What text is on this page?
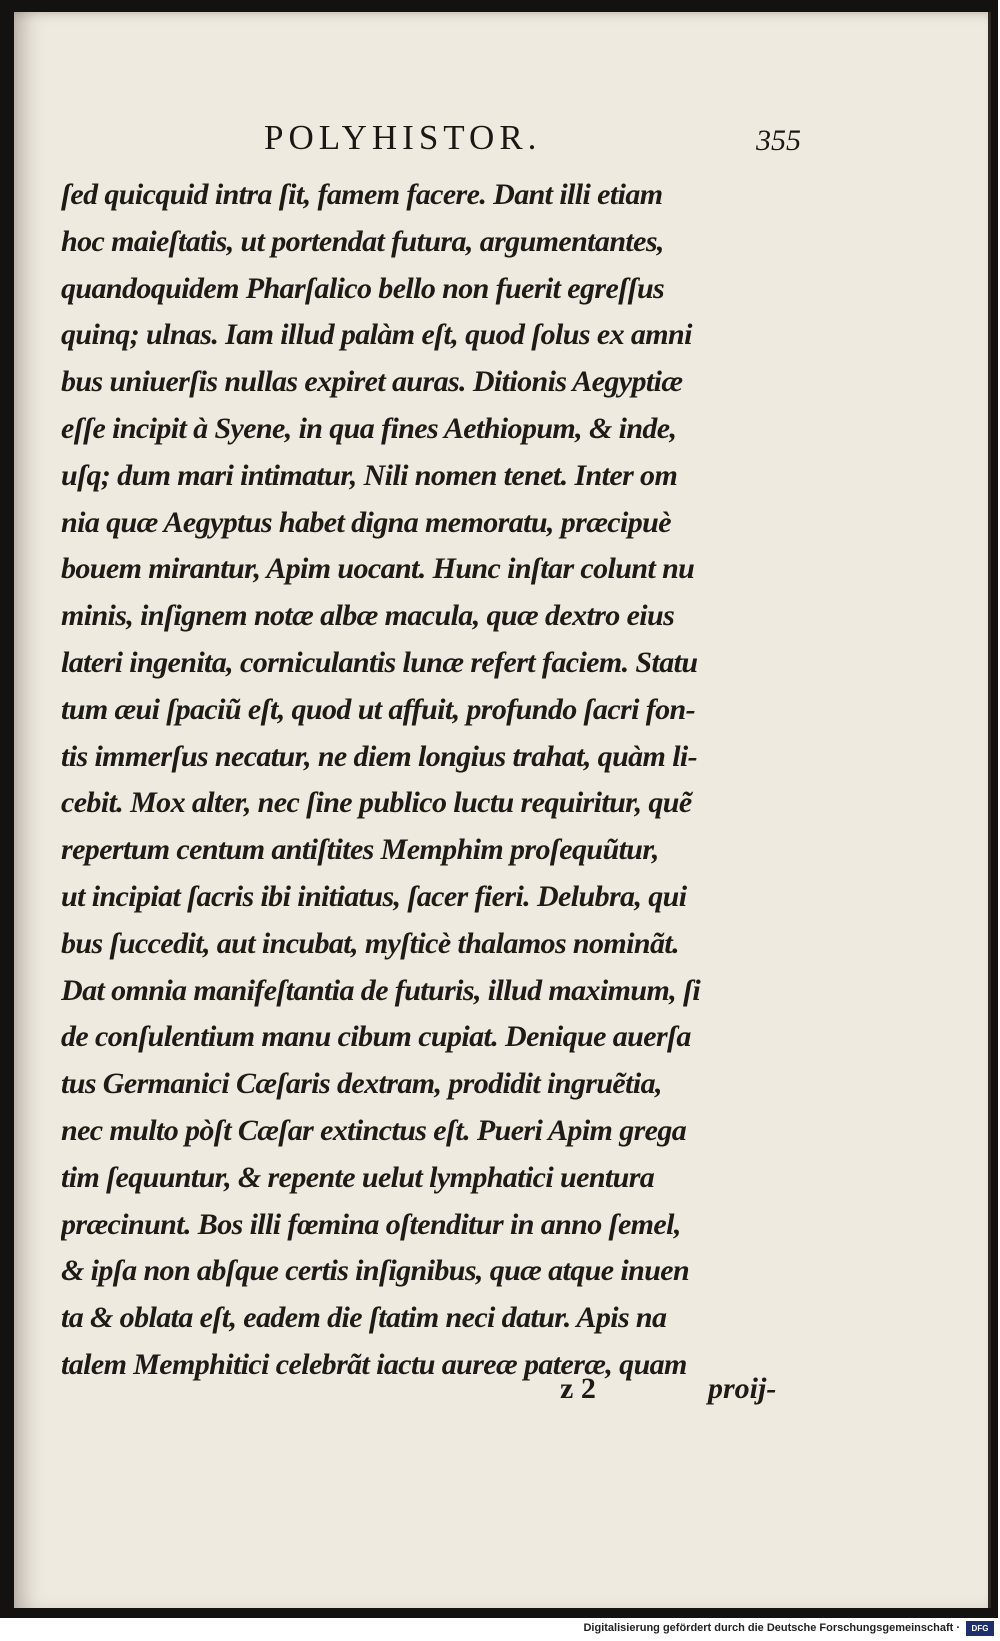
POLYHISTOR.	355
ſed quicquid intra ſit, famem facere. Dant illi etiam
hoc maieſtatis, ut portendat futura, argumentantes,
quandoquidem Pharſalico bello non fuerit egreſſus
quinq; ulnas. Iam illud palàm eſt, quod ſolus ex amni
bus uniuerſis nullas expiret auras. Ditionis Aegyptiæ
eſſe incipit à Syene, in qua fines Aethiopum, & inde,
uſq; dum mari intimatur, Nili nomen tenet. Inter om
nia quæ Aegyptus habet digna memoratu, præcipuè
bouem mirantur, Apim uocant. Hunc inſtar colunt nu
minis, inſignem notæ albæ macula, quæ dextro eius
lateri ingenita, corniculantis lunæ refert faciem. Statu
tum æui ſpaciũ eſt, quod ut affuit, profundo ſacri fon-
tis immerſus necatur, ne diem longius trahat, quàm li-
cebit. Mox alter, nec ſine publico luctu requiritur, quẽ
repertum centum antiſtites Memphim proſequũtur,
ut incipiat ſacris ibi initiatus, ſacer fieri. Delubra, qui
bus ſuccedit, aut incubat, myſticè thalamos nominãt.
Dat omnia manifeſtantia de futuris, illud maximum, ſi
de conſulentium manu cibum cupiat. Denique auerſa
tus Germanici Cæſaris dextram, prodidit ingruẽtia,
nec multo pòſt Cæſar extinctus eſt. Pueri Apim grega
tim ſequuntur, & repente uelut lymphatici uentura
præcinunt. Bos illi fœmina oſtenditur in anno ſemel,
& ipſa non abſque certis inſignibus, quæ atque inuen
ta & oblata eſt, eadem die ſtatim neci datur. Apis na
talem Memphitici celebrãt iactu aureæ pateræ, quam
z 2	proij-
Digitalisierung gefördert durch die Deutsche Forschungsgemeinschaft ·	DFG
